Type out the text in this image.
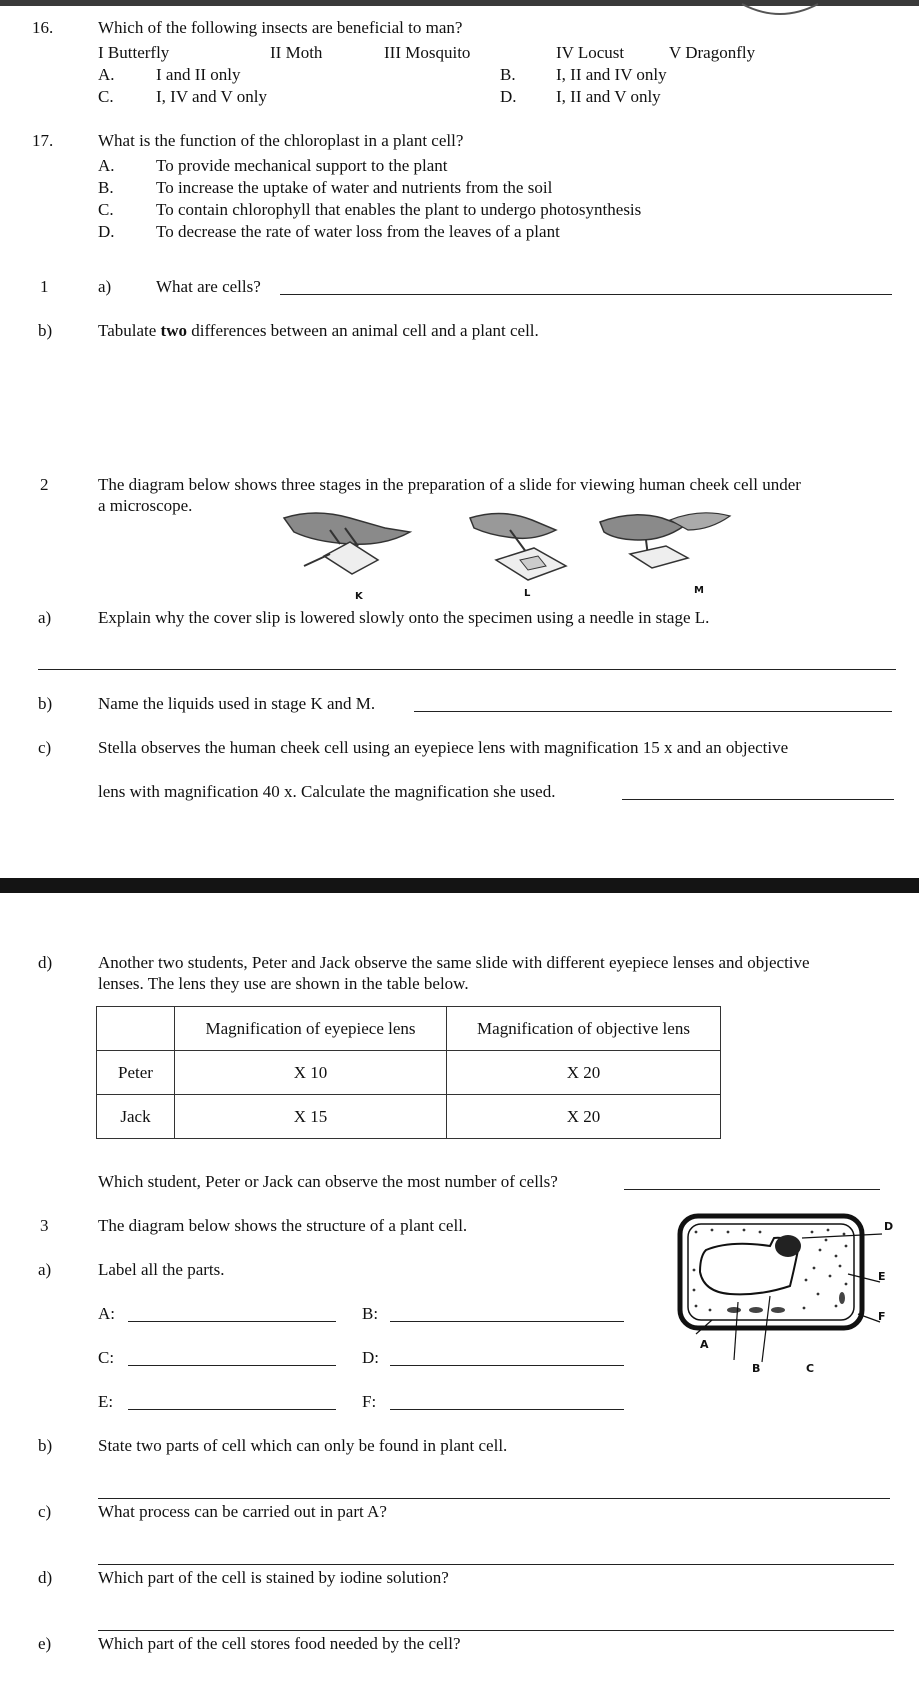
16.	Which of the following insects are beneficial to man?
I Butterfly	II Moth	III Mosquito	IV Locust	V Dragonfly
A. I and II only	B. I, II and IV only
C. I, IV and V only	D. I, II and V only
17.	What is the function of the chloroplast in a plant cell?
A. To provide mechanical support to the plant
B. To increase the uptake of water and nutrients from the soil
C. To contain chlorophyll that enables the plant to undergo photosynthesis
D. To decrease the rate of water loss from the leaves of a plant
1	a)	What are cells?
b)	Tabulate two differences between an animal cell and a plant cell.
2	The diagram below shows three stages in the preparation of a slide for viewing human cheek cell under
a microscope.
K	L	M
a)	Explain why the cover slip is lowered slowly onto the specimen using a needle in stage L.
b)	Name the liquids used in stage K and M.
c)	Stella observes the human cheek cell using an eyepiece lens with magnification 15 x and an objective
lens with magnification 40 x. Calculate the magnification she used.
d)	Another two students, Peter and Jack observe the same slide with different eyepiece lenses and objective
lenses. The lens they use are shown in the table below.
	Magnification of eyepiece lens	Magnification of objective lens
Peter	X 10	X 20
Jack	X 15	X 20
Which student, Peter or Jack can observe the most number of cells?
3	The diagram below shows the structure of a plant cell.
a)	Label all the parts.
A:	B:
C:	D:
E:	F:
A
B	C
D
E
F
b)	State two parts of cell which can only be found in plant cell.
c)	What process can be carried out in part A?
d)	Which part of the cell is stained by iodine solution?
e)	Which part of the cell stores food needed by the cell?
